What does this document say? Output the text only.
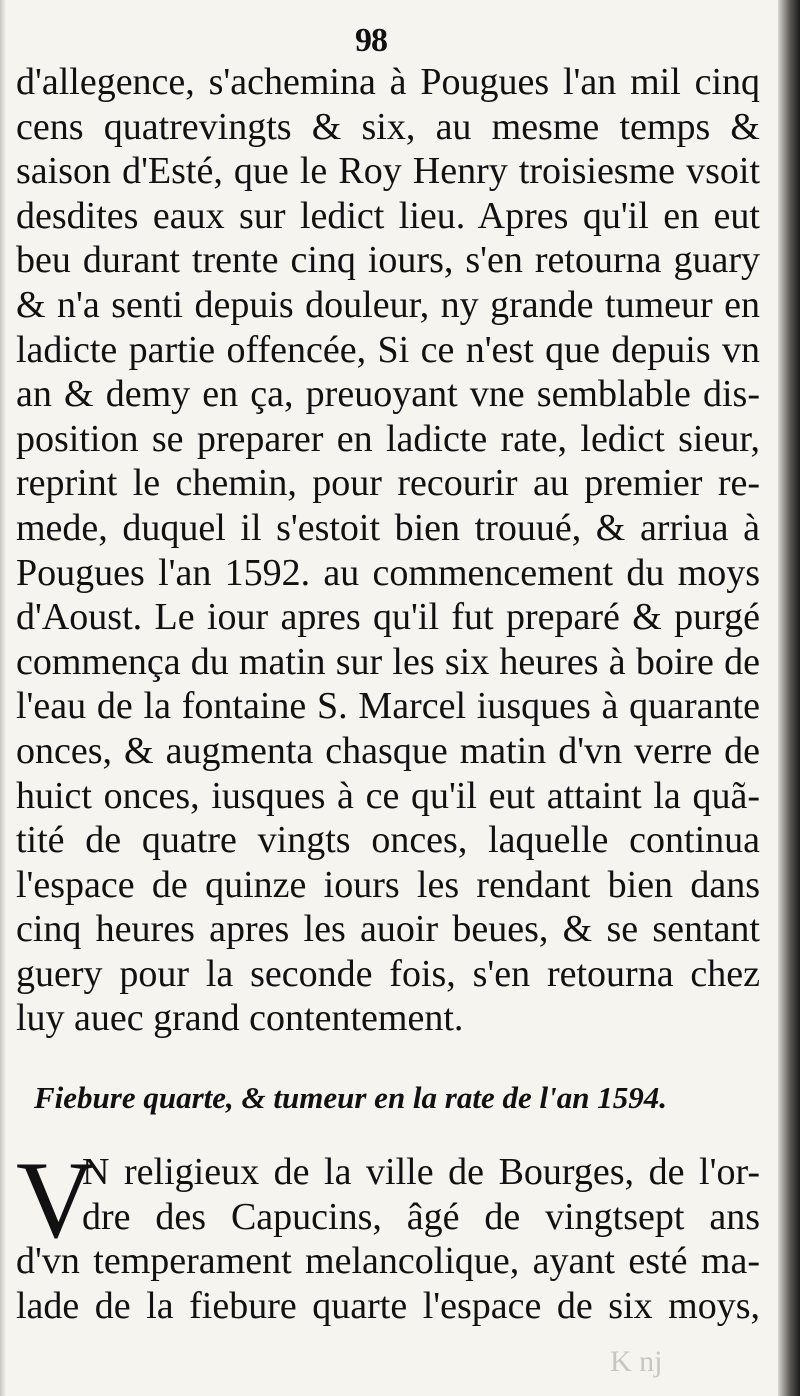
98
d'allegence, s'achemina à Pougues l'an mil cinq
cens quatrevingts & six, au mesme temps &
saison d'Esté, que le Roy Henry troisiesme vsoit
desdites eaux sur ledict lieu. Apres qu'il en eut
beu durant trente cinq iours, s'en retourna guary
& n'a senti depuis douleur, ny grande tumeur en
ladicte partie offencée, Si ce n'est que depuis vn
an & demy en ça, preuoyant vne semblable dis-
position se preparer en ladicte rate, ledict sieur,
reprint le chemin, pour recourir au premier re-
mede, duquel il s'estoit bien trouué, & arriua à
Pougues l'an 1592. au commencement du moys
d'Aoust. Le iour apres qu'il fut preparé & purgé
commença du matin sur les six heures à boire de
l'eau de la fontaine S. Marcel iusques à quarante
onces, & augmenta chasque matin d'vn verre de
huict onces, iusques à ce qu'il eut attaint la quã-
tité de quatre vingts onces, laquelle continua
l'espace de quinze iours les rendant bien dans
cinq heures apres les auoir beues, & se sentant
guery pour la seconde fois, s'en retourna chez
luy auec grand contentement.
Fiebure quarte, & tumeur en la rate de l'an 1594.
V
N religieux de la ville de Bourges, de l'or-
dre des Capucins, âgé de vingtsept ans
d'vn temperament melancolique, ayant esté ma-
lade de la fiebure quarte l'espace de six moys,
K nj
